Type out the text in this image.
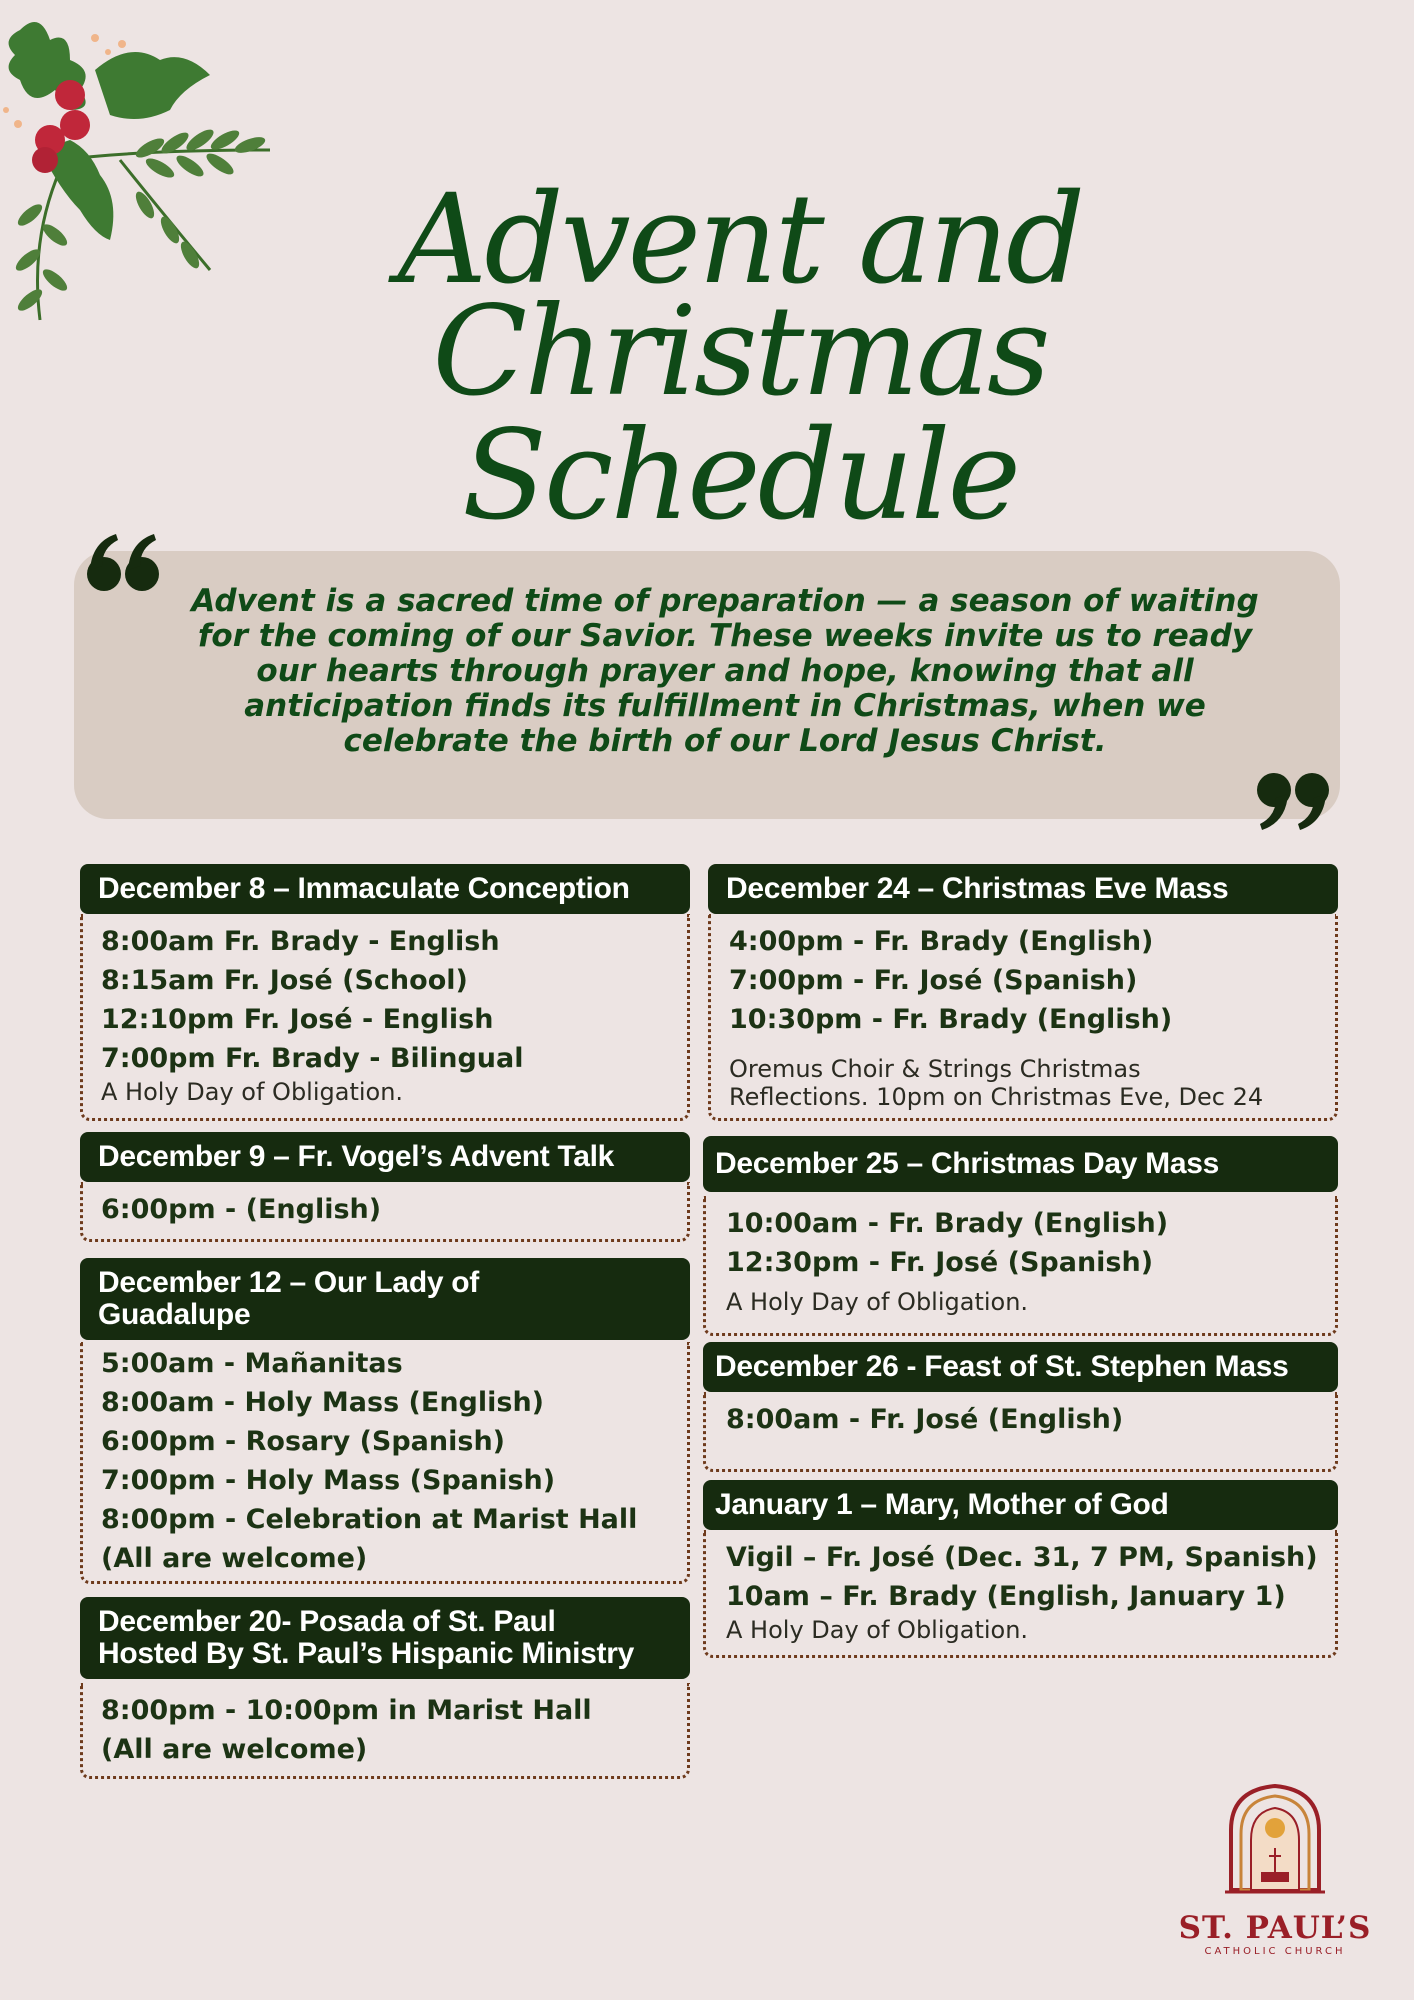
Advent and
Christmas Schedule
Advent is a sacred time of preparation — a season of waiting for the coming of our Savior. These weeks invite us to ready our hearts through prayer and hope, knowing that all anticipation finds its fulfillment in Christmas, when we celebrate the birth of our Lord Jesus Christ.
8:00am Fr. Brady - English
8:15am Fr. José (School)
12:10pm Fr. José - English
7:00pm Fr. Brady - Bilingual
A Holy Day of Obligation.
December 8 – Immaculate Conception
6:00pm - (English)
December 9 – Fr. Vogel’s Advent Talk
5:00am - Mañanitas
8:00am - Holy Mass (English)
6:00pm - Rosary (Spanish)
7:00pm - Holy Mass (Spanish)
8:00pm - Celebration at Marist Hall
(All are welcome)
December 12 – Our Lady of
Guadalupe
8:00pm - 10:00pm in Marist Hall
(All are welcome)
December 20- Posada of St. Paul
Hosted By St. Paul’s Hispanic Ministry
4:00pm - Fr. Brady (English)
7:00pm - Fr. José (Spanish)
10:30pm - Fr. Brady (English)
Oremus Choir & Strings Christmas
Reflections. 10pm on Christmas Eve, Dec 24
December 24 – Christmas Eve Mass
10:00am - Fr. Brady (English)
12:30pm - Fr. José (Spanish)
A Holy Day of Obligation.
December 25 – Christmas Day Mass
8:00am - Fr. José (English)
December 26 - Feast of St. Stephen Mass
Vigil – Fr. José (Dec. 31, 7 PM, Spanish)
10am – Fr. Brady (English, January 1)
A Holy Day of Obligation.
January 1 – Mary, Mother of God
ST. PAUL’S
CATHOLIC CHURCH
